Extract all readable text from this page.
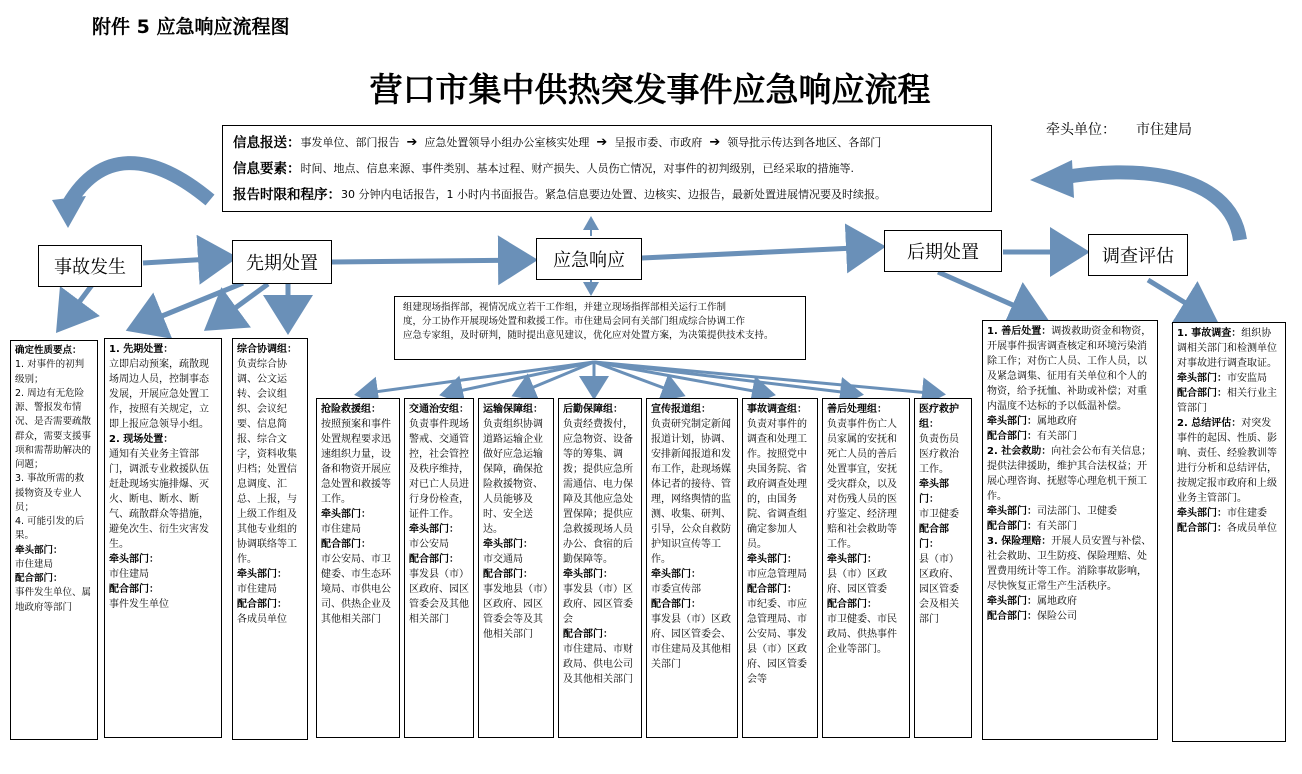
附件 5 应急响应流程图
营口市集中供热突发事件应急响应流程
牵头单位： 市住建局
信息报送： 事发单位、部门报告 ➔ 应急处置领导小组办公室核实处理 ➔ 呈报市委、市政府 ➔ 领导批示传达到各地区、各部门
信息要素： 时间、地点、信息来源、事件类别、基本过程、财产损失、人员伤亡情况，对事件的初判级别，已经采取的措施等.
报告时限和程序： 30 分钟内电话报告，1 小时内书面报告。紧急信息要边处置、边核实、边报告，最新处置进展情况要及时续报。
事故发生	先期处置	应急响应	后期处置	调查评估
组建现场指挥部，视情况成立若干工作组，并建立现场指挥部相关运行工作制
度，分工协作开展现场处置和救援工作。市住建局会同有关部门组成综合协调工作
应急专家组，及时研判，随时提出意见建议，优化应对处置方案，为决策提供技术支持。

确定性质要点：

1. 对事件的初判级别；
2. 周边有无危险源、警报发布情况、是否需要疏散群众，需要支援事项和需帮助解决的问题；
3. 事故所需的救援物资及专业人员；
4. 可能引发的后果。

牵头部门：

市住建局

配合部门：

事件发生单位、属地政府等部门

1. 先期处置：

立即启动预案，疏散现场周边人员，控制事态发展，开展应急处置工作，按照有关规定，立即上报应急领导小组。

2. 现场处置：

通知有关业务主管部门，调派专业救援队伍赶赴现场实施排爆、灭火、断电、断水、断气、疏散群众等措施，避免次生、衍生灾害发生。

牵头部门：

市住建局

配合部门：

事件发生单位

综合协调组：

负责综合协调、公文运转、会议组织、会议纪要、信息简报、综合文字，资料收集归档；处置信息调度、汇总、上报，与上级工作组及其他专业组的协调联络等工作。

牵头部门：

市住建局

配合部门：

各成员单位

抢险救援组：

按照预案和事件处置规程要求迅速组织力量，设备和物资开展应急处置和救援等工作。

牵头部门：

市住建局

配合部门：

市公安局、市卫健委、市生态环境局、市供电公司、供热企业及其他相关部门

交通治安组：

负责事件现场警戒、交通管控，社会管控及秩序维持，对已亡人员进行身份检查，证件工作。

牵头部门：

市公安局

配合部门：

事发县（市）区政府、园区管委会及其他相关部门

运输保障组：

负责组织协调道路运输企业做好应急运输保障，确保抢险救援物资、人员能够及时、安全送达。

牵头部门：

市交通局

配合部门：

事发地县（市）区政府、园区管委会等及其他相关部门

后勤保障组：

负责经费拨付，应急物资、设备等的筹集、调拨；提供应急所需通信、电力保障及其他应急处置保障；提供应急救援现场人员办公、食宿的后勤保障等。

牵头部门：

事发县（市）区政府、园区管委会

配合部门：

市住建局、市财政局、供电公司及其他相关部门

宣传报道组：

负责研究制定新闻报道计划，协调、安排新闻报道和发布工作，赴现场媒体记者的接待、管理，网络舆情的监测、收集、研判、引导，公众自救防护知识宣传等工作。

牵头部门：

市委宣传部

配合部门：

事发县（市）区政府、园区管委会、市住建局及其他相关部门

事故调查组：

负责对事件的调查和处理工作。按照党中央国务院、省政府调查处理的，由国务院、省调查组确定参加人员。

牵头部门：

市应急管理局

配合部门：

市纪委、市应急管理局、市公安局、事发县（市）区政府、园区管委会等

善后处理组：

负责事件伤亡人员家属的安抚和死亡人员的善后处置事宜，安抚受灾群众，以及对伤残人员的医疗鉴定、经济理赔和社会救助等工作。

牵头部门：

县（市）区政府、园区管委

配合部门：

市卫健委、市民政局、供热事件企业等部门。

医疗救护组：

负责伤员医疗救治工作。

牵头部门：

市卫健委

配合部门：

县（市）区政府、园区管委会及相关部门

1. 善后处置：调拨救助资金和物资，开展事件损害调查核定和环境污染消除工作；对伤亡人员、工作人员，以及紧急调集、征用有关单位和个人的物资，给予抚恤、补助或补偿；对重内温度不达标的予以低温补偿。

牵头部门：属地政府

配合部门：有关部门

2. 社会救助：向社会公布有关信息；提供法律援助，维护其合法权益；开展心理咨询、抚慰等心理危机干预工作。

牵头部门：司法部门、卫健委

配合部门：有关部门

3. 保险理赔：开展人员安置与补偿、社会救助、卫生防疫、保险理赔、处置费用统计等工作。消除事故影响，尽快恢复正常生产生活秩序。

牵头部门：属地政府

配合部门：保险公司

1. 事故调查：组织协调相关部门和检测单位对事故进行调查取证。

牵头部门：市安监局

配合部门：相关行业主管部门

2. 总结评估：对突发事件的起因、性质、影响、责任、经验教训等进行分析和总结评估，按规定报市政府和上级业务主管部门。

牵头部门：市住建委

配合部门：各成员单位
